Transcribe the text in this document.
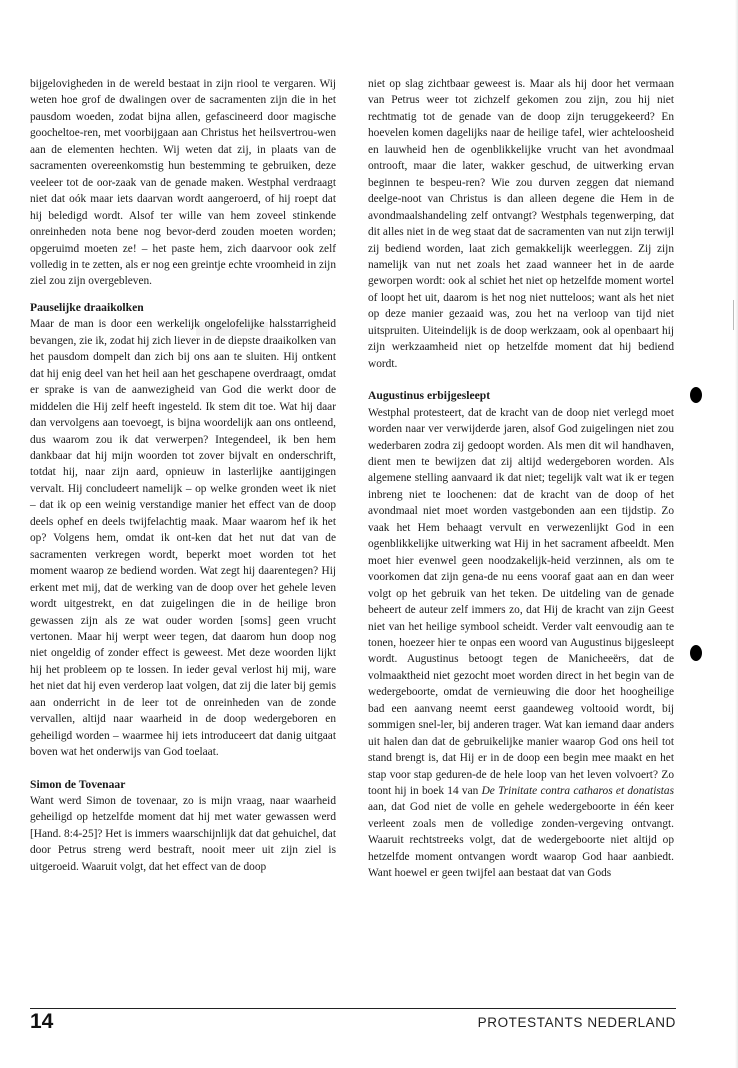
bijgelovigheden in de wereld bestaat in zijn riool te vergaren. Wij weten hoe grof de dwalingen over de sacramenten zijn die in het pausdom woeden, zodat bijna allen, gefascineerd door magische goocheltoe-ren, met voorbijgaan aan Christus het heilsvertrou-wen aan de elementen hechten. Wij weten dat zij, in plaats van de sacramenten overeenkomstig hun bestemming te gebruiken, deze veeleer tot de oor-zaak van de genade maken. Westphal verdraagt niet dat oók maar iets daarvan wordt aangeroerd, of hij roept dat hij beledigd wordt. Alsof ter wille van hem zoveel stinkende onreinheden nota bene nog bevor-derd zouden moeten worden; opgeruimd moeten ze! – het paste hem, zich daarvoor ook zelf volledig in te zetten, als er nog een greintje echte vroomheid in zijn ziel zou zijn overgebleven.

Pauselijke draaikolken

Maar de man is door een werkelijk ongelofelijke halsstarrigheid bevangen, zie ik, zodat hij zich liever in de diepste draaikolken van het pausdom dompelt dan zich bij ons aan te sluiten. Hij ontkent dat hij enig deel van het heil aan het geschapene overdraagt, omdat er sprake is van de aanwezigheid van God die werkt door de middelen die Hij zelf heeft ingesteld. Ik stem dit toe. Wat hij daar dan vervolgens aan toevoegt, is bijna woordelijk aan ons ontleend, dus waarom zou ik dat verwerpen? Integendeel, ik ben hem dankbaar dat hij mijn woorden tot zover bijvalt en onderschrift, totdat hij, naar zijn aard, opnieuw in lasterlijke aantijgingen vervalt. Hij concludeert namelijk – op welke gronden weet ik niet – dat ik op een weinig verstandige manier het effect van de doop deels ophef en deels twijfelachtig maak. Maar waarom hef ik het op? Volgens hem, omdat ik ont-ken dat het nut dat van de sacramenten verkregen wordt, beperkt moet worden tot het moment waarop ze bediend worden. Wat zegt hij daarentegen? Hij erkent met mij, dat de werking van de doop over het gehele leven wordt uitgestrekt, en dat zuigelingen die in de heilige bron gewassen zijn als ze wat ouder worden [soms] geen vrucht vertonen. Maar hij werpt weer tegen, dat daarom hun doop nog niet ongeldig of zonder effect is geweest. Met deze woorden lijkt hij het probleem op te lossen. In ieder geval verlost hij mij, ware het niet dat hij even verderop laat volgen, dat zij die later bij gemis aan onderricht in de leer tot de onreinheden van de zonde vervallen, altijd naar waarheid in de doop wedergeboren en geheiligd worden – waarmee hij iets introduceert dat danig uitgaat boven wat het onderwijs van God toelaat.

Simon de Tovenaar

Want werd Simon de tovenaar, zo is mijn vraag, naar waarheid geheiligd op hetzelfde moment dat hij met water gewassen werd [Hand. 8:4-25]? Het is immers waarschijnlijk dat dat gehuichel, dat door Petrus streng werd bestraft, nooit meer uit zijn ziel is uitgeroeid. Waaruit volgt, dat het effect van de doop

niet op slag zichtbaar geweest is. Maar als hij door het vermaan van Petrus weer tot zichzelf gekomen zou zijn, zou hij niet rechtmatig tot de genade van de doop zijn teruggekeerd? En hoevelen komen dagelijks naar de heilige tafel, wier achteloosheid en lauwheid hen de ogenblikkelijke vrucht van het avondmaal ontrooft, maar die later, wakker geschud, de uitwerking ervan beginnen te bespeu-ren? Wie zou durven zeggen dat niemand deelge-noot van Christus is dan alleen degene die Hem in de avondmaalshandeling zelf ontvangt? Westphals tegenwerping, dat dit alles niet in de weg staat dat de sacramenten van nut zijn terwijl zij bediend worden, laat zich gemakkelijk weerleggen. Zij zijn namelijk van nut net zoals het zaad wanneer het in de aarde geworpen wordt: ook al schiet het niet op hetzelfde moment wortel of loopt het uit, daarom is het nog niet nutteloos; want als het niet op deze manier gezaaid was, zou het na verloop van tijd niet uitspruiten. Uiteindelijk is de doop werkzaam, ook al openbaart hij zijn werkzaamheid niet op hetzelfde moment dat hij bediend wordt.

Augustinus erbijgesleept

Westphal protesteert, dat de kracht van de doop niet verlegd moet worden naar ver verwijderde jaren, alsof God zuigelingen niet zou wederbaren zodra zij gedoopt worden. Als men dit wil handhaven, dient men te bewijzen dat zij altijd wedergeboren worden. Als algemene stelling aanvaard ik dat niet; tegelijk valt wat ik er tegen inbreng niet te loochenen: dat de kracht van de doop of het avondmaal niet moet worden vastgebonden aan een tijdstip. Zo vaak het Hem behaagt vervult en verwezenlijkt God in een ogenblikkelijke uitwerking wat Hij in het sacrament afbeeldt. Men moet hier evenwel geen noodzakelijk-heid verzinnen, als om te voorkomen dat zijn gena-de nu eens vooraf gaat aan en dan weer volgt op het gebruik van het teken. De uitdeling van de genade beheert de auteur zelf immers zo, dat Hij de kracht van zijn Geest niet van het heilige symbool scheidt. Verder valt eenvoudig aan te tonen, hoezeer hier te onpas een woord van Augustinus bijgesleept wordt. Augustinus betoogt tegen de Manicheeërs, dat de volmaaktheid niet gezocht moet worden direct in het begin van de wedergeboorte, omdat de vernieuwing die door het hoogheilige bad een aanvang neemt eerst gaandeweg voltooid wordt, bij sommigen snel-ler, bij anderen trager. Wat kan iemand daar anders uit halen dan dat de gebruikelijke manier waarop God ons heil tot stand brengt is, dat Hij er in de doop een begin mee maakt en het stap voor stap geduren-de de hele loop van het leven volvoert? Zo toont hij in boek 14 van De Trinitate contra catharos et donatistas aan, dat God niet de volle en gehele wedergeboorte in één keer verleent zoals men de volledige zonden-vergeving ontvangt. Waaruit rechtstreeks volgt, dat de wedergeboorte niet altijd op hetzelfde moment ontvangen wordt waarop God haar aanbiedt. Want hoewel er geen twijfel aan bestaat dat van Gods

14	PROTESTANTS NEDERLAND
